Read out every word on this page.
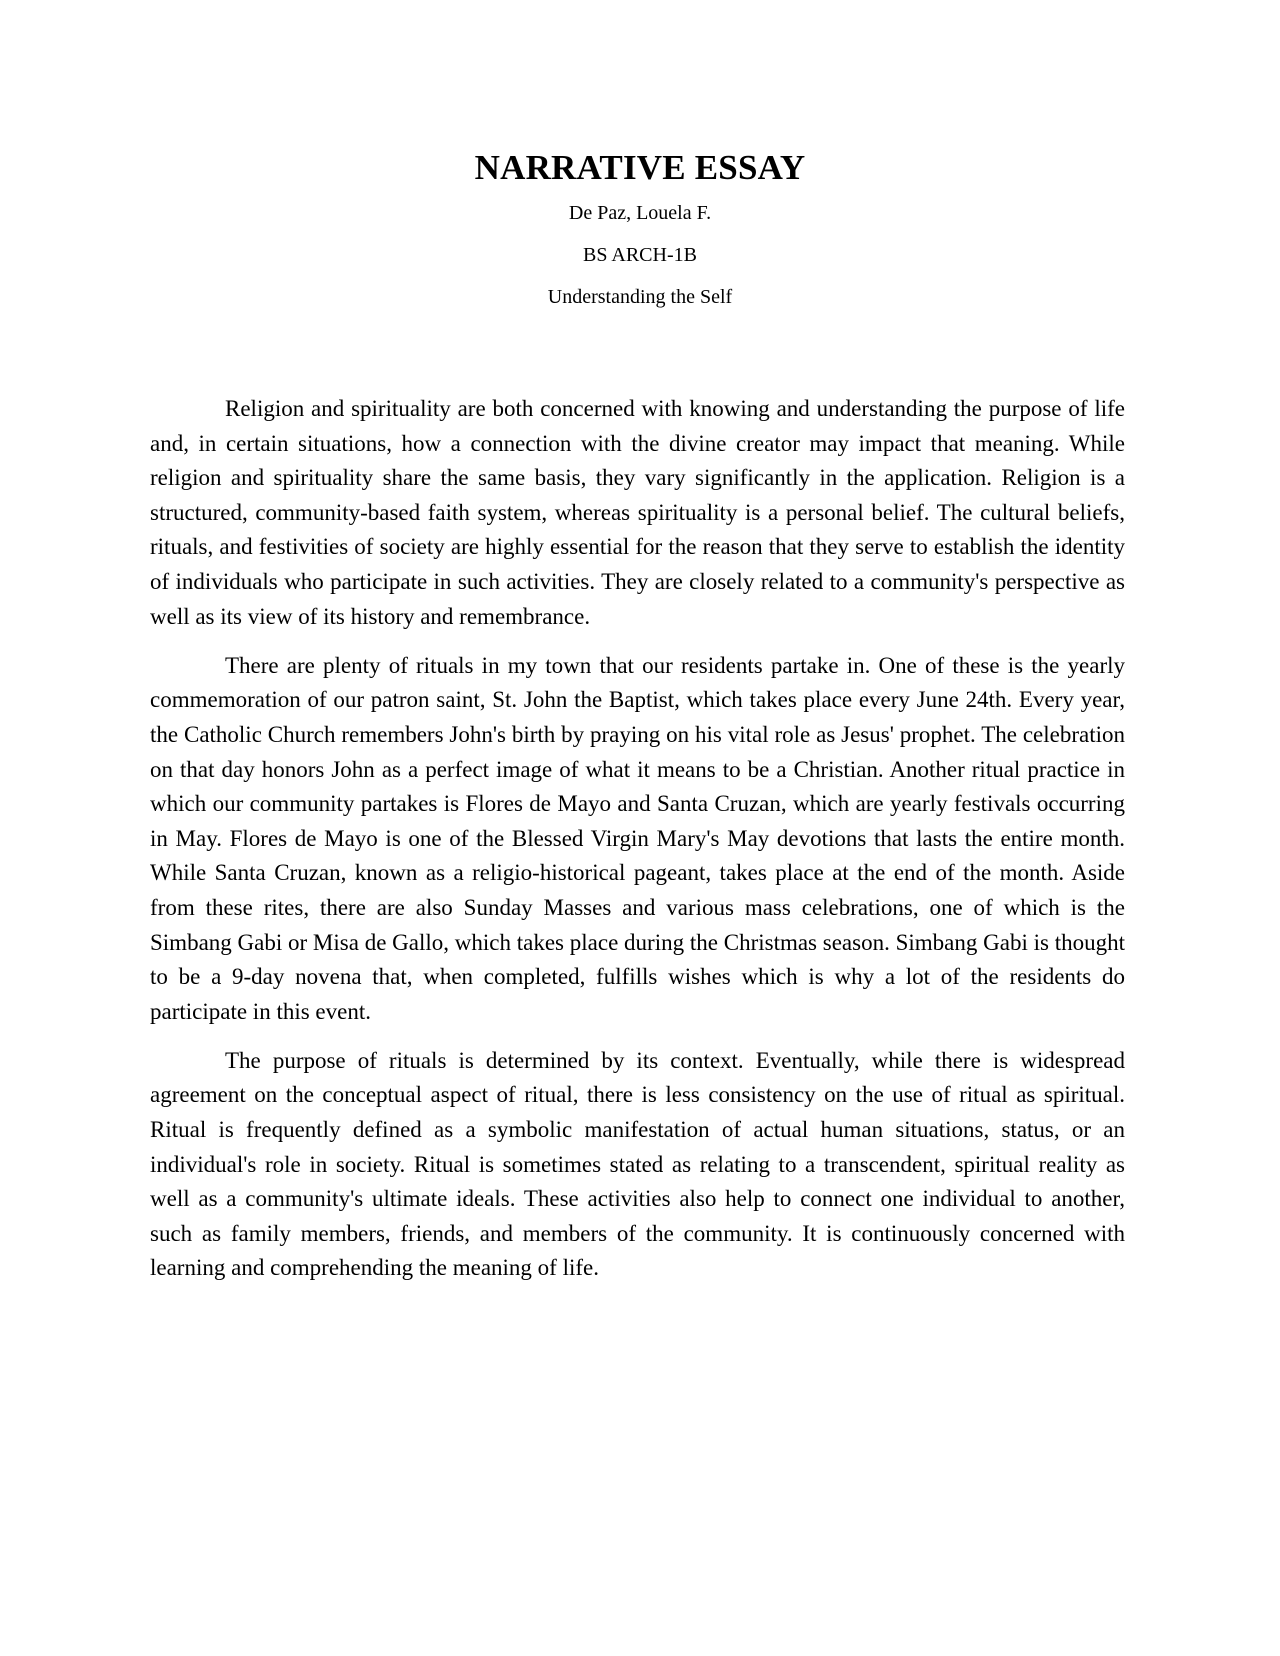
NARRATIVE ESSAY

De Paz, Louela F.

BS ARCH-1B

Understanding the Self

Religion and spirituality are both concerned with knowing and understanding the purpose of life and, in certain situations, how a connection with the divine creator may impact that meaning. While religion and spirituality share the same basis, they vary significantly in the application. Religion is a structured, community-based faith system, whereas spirituality is a personal belief. The cultural beliefs, rituals, and festivities of society are highly essential for the reason that they serve to establish the identity of individuals who participate in such activities. They are closely related to a community's perspective as well as its view of its history and remembrance.

There are plenty of rituals in my town that our residents partake in. One of these is the yearly commemoration of our patron saint, St. John the Baptist, which takes place every June 24th. Every year, the Catholic Church remembers John's birth by praying on his vital role as Jesus' prophet. The celebration on that day honors John as a perfect image of what it means to be a Christian. Another ritual practice in which our community partakes is Flores de Mayo and Santa Cruzan, which are yearly festivals occurring in May. Flores de Mayo is one of the Blessed Virgin Mary's May devotions that lasts the entire month. While Santa Cruzan, known as a religio-historical pageant, takes place at the end of the month. Aside from these rites, there are also Sunday Masses and various mass celebrations, one of which is the Simbang Gabi or Misa de Gallo, which takes place during the Christmas season. Simbang Gabi is thought to be a 9-day novena that, when completed, fulfills wishes which is why a lot of the residents do participate in this event.

The purpose of rituals is determined by its context. Eventually, while there is widespread agreement on the conceptual aspect of ritual, there is less consistency on the use of ritual as spiritual. Ritual is frequently defined as a symbolic manifestation of actual human situations, status, or an individual's role in society. Ritual is sometimes stated as relating to a transcendent, spiritual reality as well as a community's ultimate ideals. These activities also help to connect one individual to another, such as family members, friends, and members of the community. It is continuously concerned with learning and comprehending the meaning of life.
